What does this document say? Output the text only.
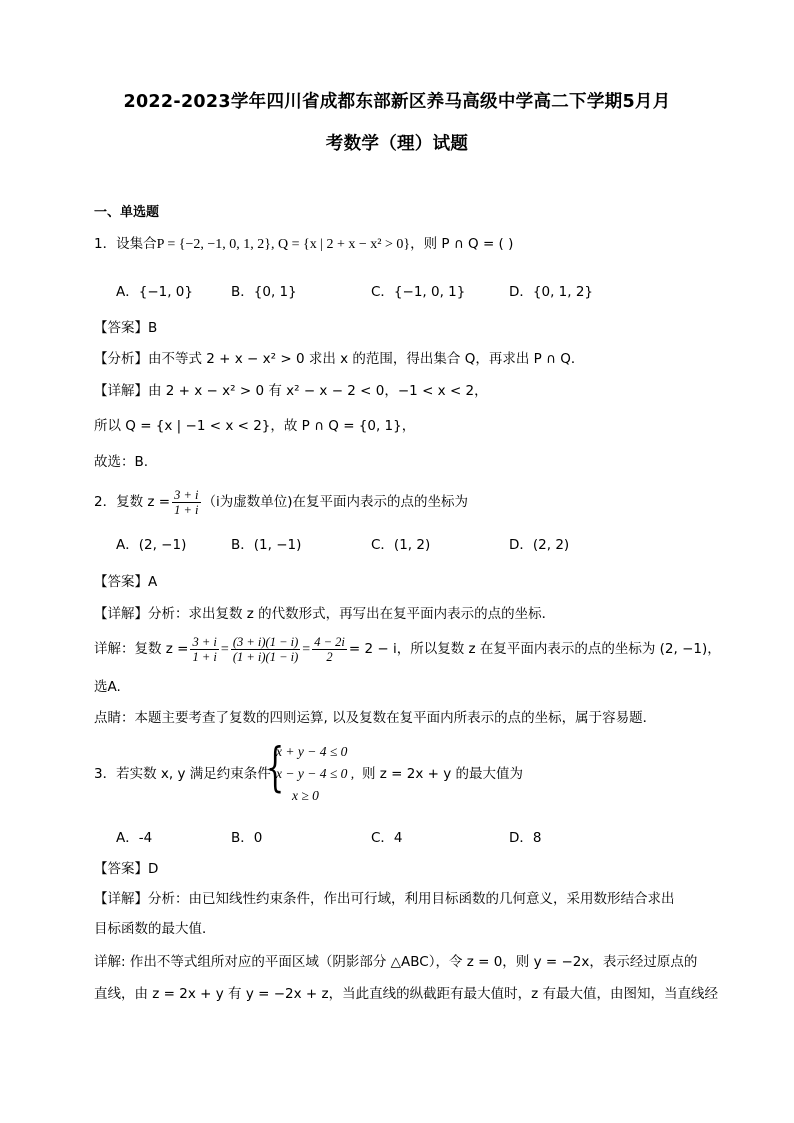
2022-2023学年四川省成都东部新区养马高级中学高二下学期5月月
考数学（理）试题
一、单选题
1．设集合P = {−2, −1, 0, 1, 2}, Q = {x | 2 + x − x² > 0}，则 P ∩ Q = ( )
A．{−1, 0}	B．{0, 1}	C．{−1, 0, 1}	D．{0, 1, 2}
【答案】B
【分析】由不等式 2 + x − x² > 0 求出 x 的范围，得出集合 Q，再求出 P ∩ Q．
【详解】由 2 + x − x² > 0 有 x² − x − 2 < 0，−1 < x < 2，
所以 Q = {x | −1 < x < 2}，故 P ∩ Q = {0, 1}，
故选：B.
2．复数 $z = \frac{3 + i}{1 + i} (i$为虚数单位)在复平面内表示的点的坐标为
A．(2, −1)	B．(1, −1)	C．(1, 2)	D．(2, 2)
【答案】A
【详解】分析：求出复数 z 的代数形式，再写出在复平面内表示的点的坐标．
详解：复数 $z = \frac{3 + i}{1 + i} = \frac{(3 + i)(1 - i)}{(1 + i)(1 - i)} = \frac{4 - 2i}{2} = 2 - i$，所以复数 z 在复平面内表示的点的坐标为 (2, −1)，
选A.
点睛：本题主要考查了复数的四则运算, 以及复数在复平面内所表示的点的坐标，属于容易题．
3．若实数 x, y 满足约束条件
{
x + y − 4 ≤ 0
x − y − 4 ≤ 0 ,
x ≥ 0
则 z = 2x + y 的最大值为
A．-4	B．0	C．4	D．8
【答案】D
【详解】分析：由已知线性约束条件，作出可行域，利用目标函数的几何意义，采用数形结合求出
目标函数的最大值．
详解: 作出不等式组所对应的平面区域（阴影部分 △ABC），令 z = 0，则 y = −2x，表示经过原点的
直线，由 z = 2x + y 有 y = −2x + z，当此直线的纵截距有最大值时，z 有最大值，由图知，当直线经
